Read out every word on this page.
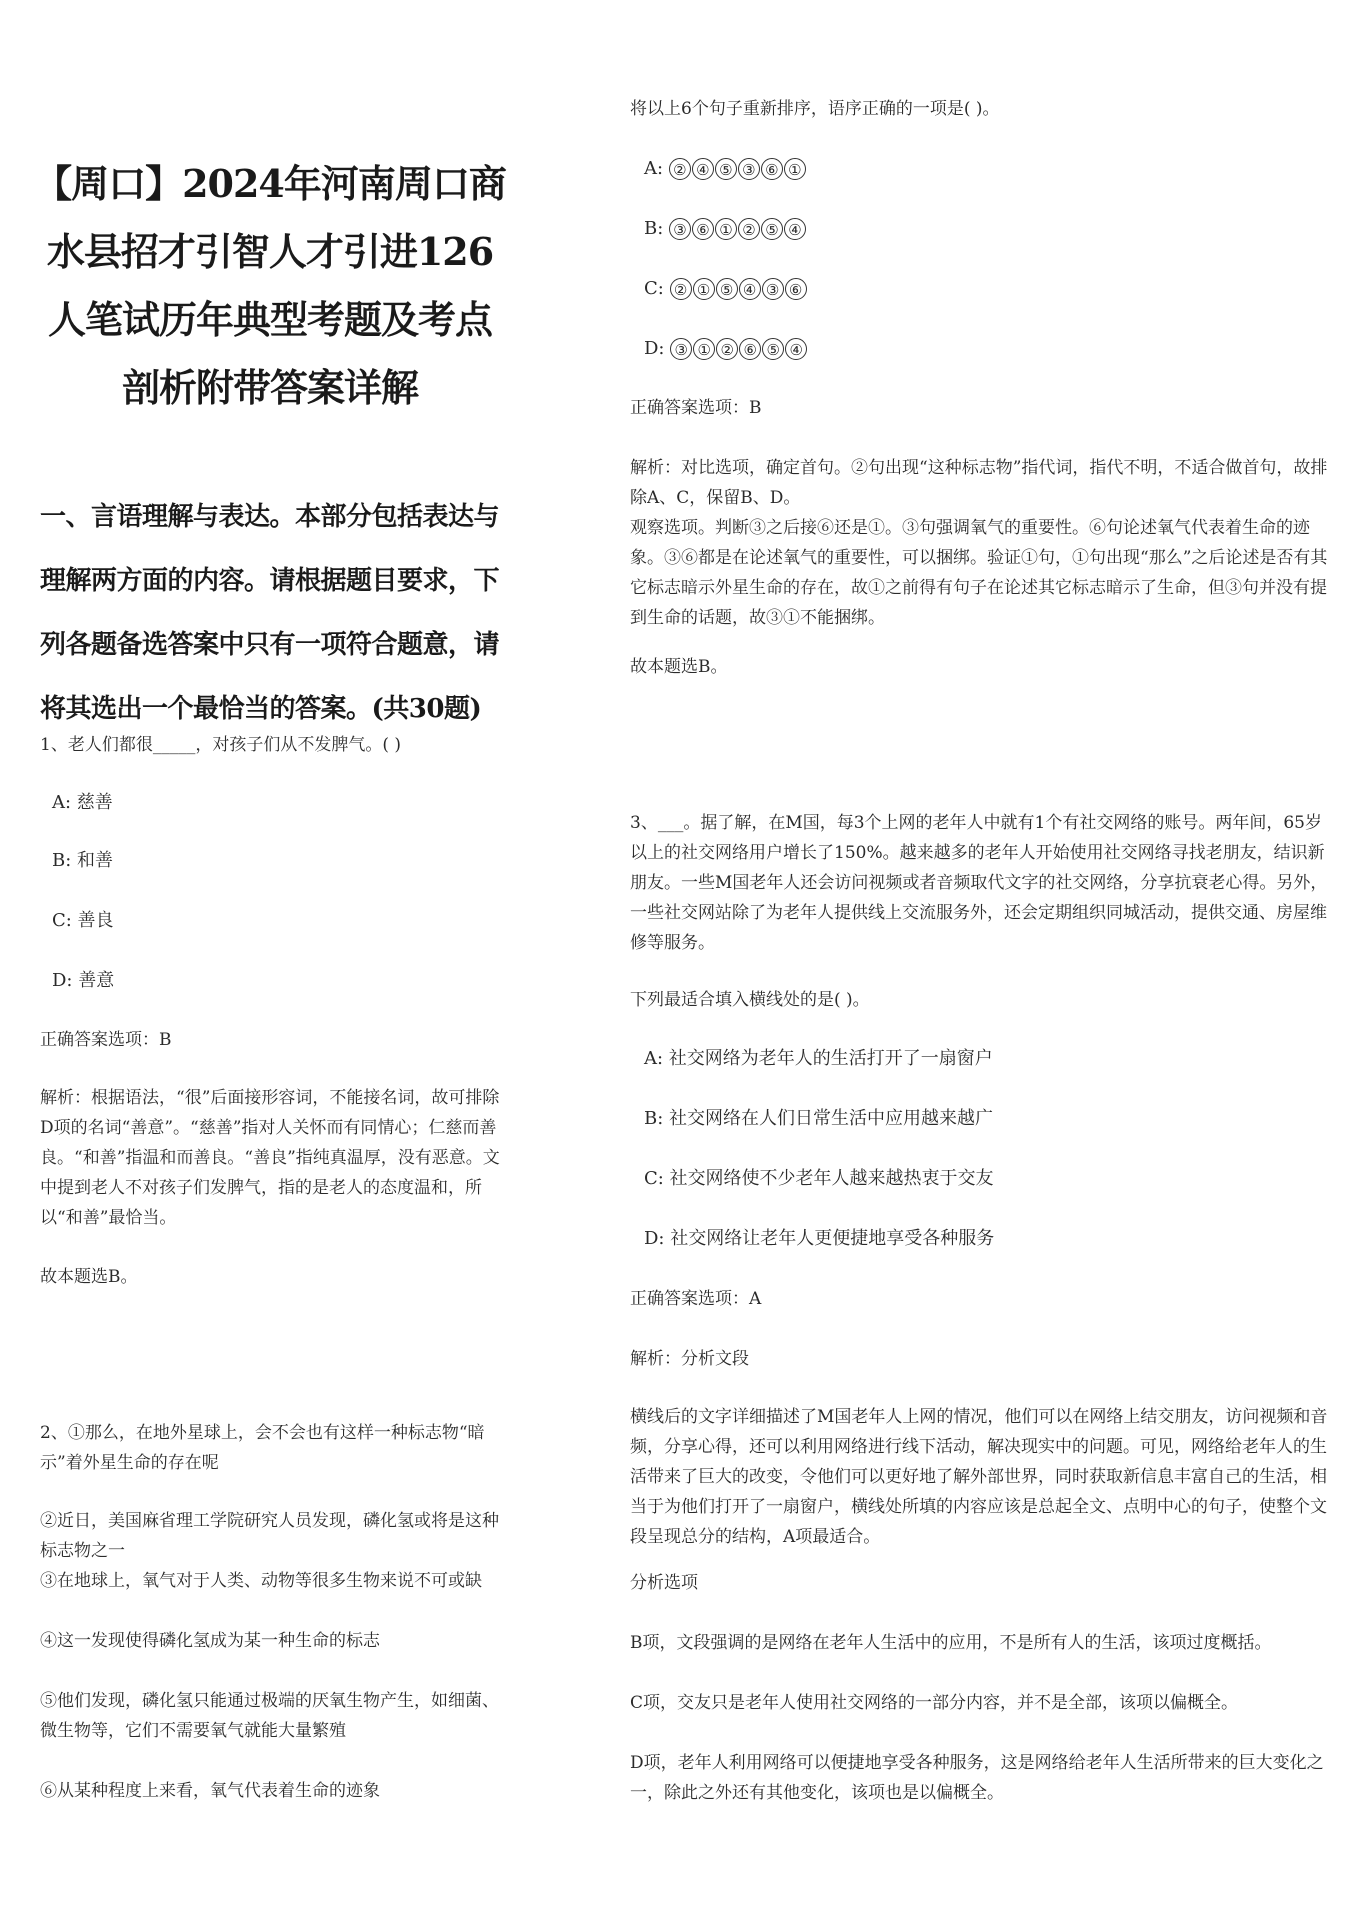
【周口】2024年河南周口商水县招才引智人才引进126人笔试历年典型考题及考点剖析附带答案详解
一、言语理解与表达。本部分包括表达与理解两方面的内容。请根据题目要求，下列各题备选答案中只有一项符合题意，请将其选出一个最恰当的答案。(共30题)
1、老人们都很_____，对孩子们从不发脾气。( )
A: 慈善
B: 和善
C: 善良
D: 善意
正确答案选项：B
解析：根据语法，“很”后面接形容词，不能接名词，故可排除D项的名词“善意”。“慈善”指对人关怀而有同情心；仁慈而善良。“和善”指温和而善良。“善良”指纯真温厚，没有恶意。文中提到老人不对孩子们发脾气，指的是老人的态度温和，所以“和善”最恰当。
故本题选B。
2、①那么，在地外星球上，会不会也有这样一种标志物“暗示”着外星生命的存在呢
②近日，美国麻省理工学院研究人员发现，磷化氢或将是这种标志物之一
③在地球上，氧气对于人类、动物等很多生物来说不可或缺
④这一发现使得磷化氢成为某一种生命的标志
⑤他们发现，磷化氢只能通过极端的厌氧生物产生，如细菌、微生物等，它们不需要氧气就能大量繁殖
⑥从某种程度上来看，氧气代表着生命的迹象
将以上6个句子重新排序，语序正确的一项是( )。
A: ② ④ ⑤ ③ ⑥ ①
B: ③ ⑥ ① ② ⑤ ④
C: ② ① ⑤ ④ ③ ⑥
D: ③ ① ② ⑥ ⑤ ④
正确答案选项：B
解析：对比选项，确定首句。②句出现“这种标志物”指代词，指代不明，不适合做首句，故排除A、C，保留B、D。
观察选项。判断③之后接⑥还是①。③句强调氧气的重要性。⑥句论述氧气代表着生命的迹象。③⑥都是在论述氧气的重要性，可以捆绑。验证①句，①句出现“那么”之后论述是否有其它标志暗示外星生命的存在，故①之前得有句子在论述其它标志暗示了生命，但③句并没有提到生命的话题，故③①不能捆绑。
故本题选B。
3、___。据了解，在M国，每3个上网的老年人中就有1个有社交网络的账号。两年间，65岁以上的社交网络用户增长了150%。越来越多的老年人开始使用社交网络寻找老朋友，结识新朋友。一些M国老年人还会访问视频或者音频取代文字的社交网络，分享抗衰老心得。另外，一些社交网站除了为老年人提供线上交流服务外，还会定期组织同城活动，提供交通、房屋维修等服务。
下列最适合填入横线处的是( )。
A: 社交网络为老年人的生活打开了一扇窗户
B: 社交网络在人们日常生活中应用越来越广
C: 社交网络使不少老年人越来越热衷于交友
D: 社交网络让老年人更便捷地享受各种服务
正确答案选项：A
解析：分析文段
横线后的文字详细描述了M国老年人上网的情况，他们可以在网络上结交朋友，访问视频和音频，分享心得，还可以利用网络进行线下活动，解决现实中的问题。可见，网络给老年人的生活带来了巨大的改变，令他们可以更好地了解外部世界，同时获取新信息丰富自己的生活，相当于为他们打开了一扇窗户，横线处所填的内容应该是总起全文、点明中心的句子，使整个文段呈现总分的结构，A项最适合。
分析选项
B项，文段强调的是网络在老年人生活中的应用，不是所有人的生活，该项过度概括。
C项，交友只是老年人使用社交网络的一部分内容，并不是全部，该项以偏概全。
D项，老年人利用网络可以便捷地享受各种服务，这是网络给老年人生活所带来的巨大变化之一，除此之外还有其他变化，该项也是以偏概全。
